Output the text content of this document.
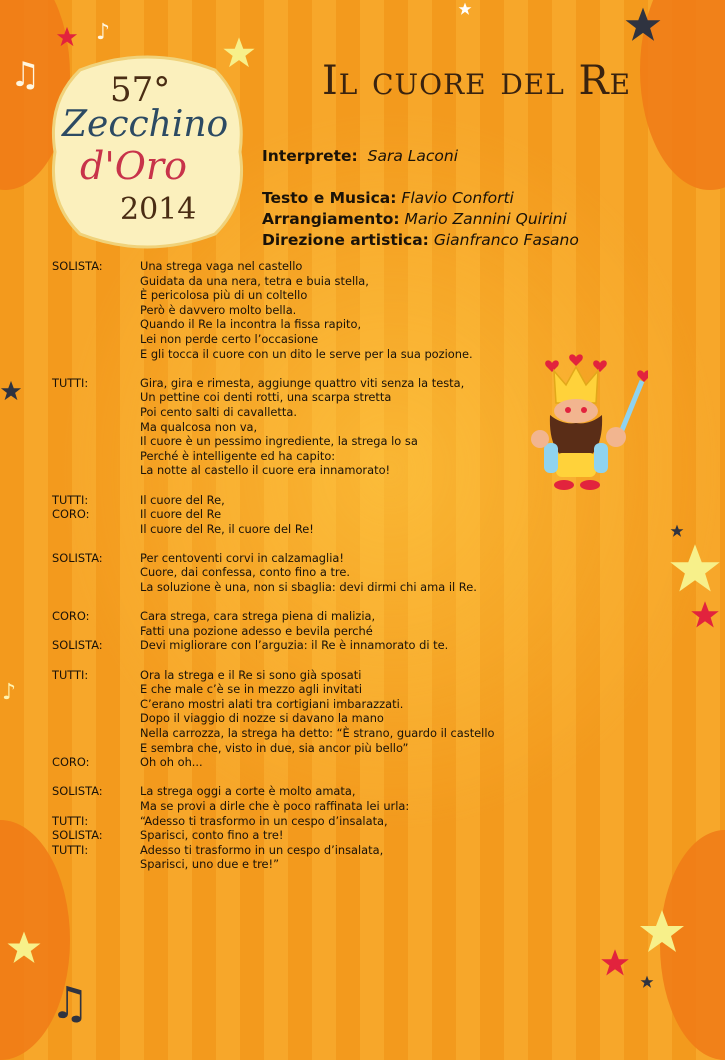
♪
♫
♪
♫
57°
Zecchino
d'Oro
2014
Il cuore del Re
Interprete: Sara Laconi
Testo e Musica: Flavio Conforti
Arrangiamento: Mario Zannini Quirini
Direzione artistica: Gianfranco Fasano
SOLISTA:	Una strega vaga nel castello
Guidata da una nera, tetra e buia stella,
È pericolosa più di un coltello
Però è davvero molto bella.
Quando il Re la incontra la fissa rapito,
Lei non perde certo l’occasione
E gli tocca il cuore con un dito le serve per la sua pozione.
TUTTI:	Gira, gira e rimesta, aggiunge quattro viti senza la testa,
Un pettine coi denti rotti, una scarpa stretta
Poi cento salti di cavalletta.
Ma qualcosa non va,
Il cuore è un pessimo ingrediente, la strega lo sa
Perché è intelligente ed ha capito:
La notte al castello il cuore era innamorato!
TUTTI:	Il cuore del Re,
CORO:	Il cuore del Re
Il cuore del Re, il cuore del Re!
SOLISTA:	Per centoventi corvi in calzamaglia!
Cuore, dai confessa, conto fino a tre.
La soluzione è una, non si sbaglia: devi dirmi chi ama il Re.
CORO:	Cara strega, cara strega piena di malizia,
Fatti una pozione adesso e bevila perché
SOLISTA:	Devi migliorare con l’arguzia: il Re è innamorato di te.
TUTTI:	Ora la strega e il Re si sono già sposati
E che male c’è se in mezzo agli invitati
C’erano mostri alati tra cortigiani imbarazzati.
Dopo il viaggio di nozze si davano la mano
Nella carrozza, la strega ha detto: “È strano, guardo il castello
E sembra che, visto in due, sia ancor più bello”
CORO:	Oh oh oh...
SOLISTA:	La strega oggi a corte è molto amata,
Ma se provi a dirle che è poco raffinata lei urla:
TUTTI:	“Adesso ti trasformo in un cespo d’insalata,
SOLISTA:	Sparisci, conto fino a tre!
TUTTI:	Adesso ti trasformo in un cespo d’insalata,
Sparisci, uno due e tre!”
